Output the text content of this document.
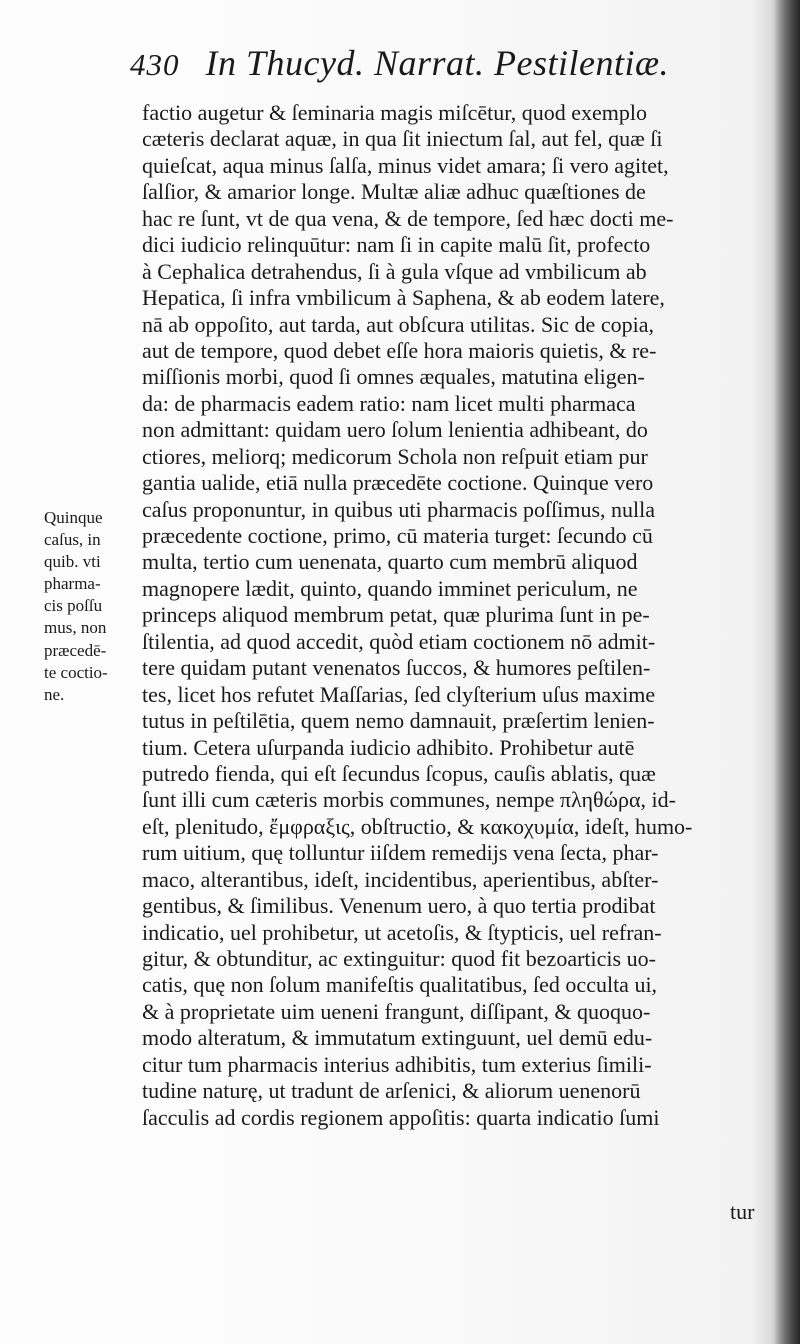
430 In Thucyd. Narrat. Pestilentiæ.
factio augetur & ſeminaria magis miſcētur, quod exemplo
cæteris declarat aquæ, in qua ſit iniectum ſal, aut fel, quæ ſi
quieſcat, aqua minus ſalſa, minus videt amara; ſi vero agitet,
ſalſior, & amarior longe. Multæ aliæ adhuc quæſtiones de
hac re ſunt, vt de qua vena, & de tempore, ſed hæc docti me-
dici iudicio relinquūtur: nam ſi in capite malū ſit, profecto
à Cephalica detrahendus, ſi à gula vſque ad vmbilicum ab
Hepatica, ſi infra vmbilicum à Saphena, & ab eodem latere,
nā ab oppoſito, aut tarda, aut obſcura utilitas. Sic de copia,
aut de tempore, quod debet eſſe hora maioris quietis, & re-
miſſionis morbi, quod ſi omnes æquales, matutina eligen-
da: de pharmacis eadem ratio: nam licet multi pharmaca
non admittant: quidam uero ſolum lenientia adhibeant, do
ctiores, meliorq; medicorum Schola non reſpuit etiam pur
gantia ualide, etiā nulla præcedēte coctione. Quinque vero
caſus proponuntur, in quibus uti pharmacis poſſimus, nulla
præcedente coctione, primo, cū materia turget: ſecundo cū
multa, tertio cum uenenata, quarto cum membrū aliquod
magnopere lædit, quinto, quando imminet periculum, ne
princeps aliquod membrum petat, quæ plurima ſunt in pe-
ſtilentia, ad quod accedit, quòd etiam coctionem nō admit-
tere quidam putant venenatos ſuccos, & humores peſtilen-
tes, licet hos refutet Maſſarias, ſed clyſterium uſus maxime
tutus in peſtilētia, quem nemo damnauit, præſertim lenien-
tium. Cetera uſurpanda iudicio adhibito. Prohibetur autē
putredo fienda, qui eſt ſecundus ſcopus, cauſis ablatis, quæ
ſunt illi cum cæteris morbis communes, nempe πληθώρα, id-
eſt, plenitudo, ἔμφραξις, obſtructio, & κακοχυμία, ideſt, humo-
rum uitium, quę tolluntur iiſdem remedijs vena ſecta, phar-
maco, alterantibus, ideſt, incidentibus, aperientibus, abſter-
gentibus, & ſimilibus. Venenum uero, à quo tertia prodibat
indicatio, uel prohibetur, ut acetoſis, & ſtypticis, uel refran-
gitur, & obtunditur, ac extinguitur: quod fit bezoarticis uo-
catis, quę non ſolum manifeſtis qualitatibus, ſed occulta ui,
& à proprietate uim ueneni frangunt, diſſipant, & quoquo-
modo alteratum, & immutatum extinguunt, uel demū edu-
citur tum pharmacis interius adhibitis, tum exterius ſimili-
tudine naturę, ut tradunt de arſenici, & aliorum uenenorū
ſacculis ad cordis regionem appoſitis: quarta indicatio ſumi
tur
Quinque
caſus, in
quib. vti
pharma-
cis poſſu
mus, non
præcedē-
te coctio-
ne.
